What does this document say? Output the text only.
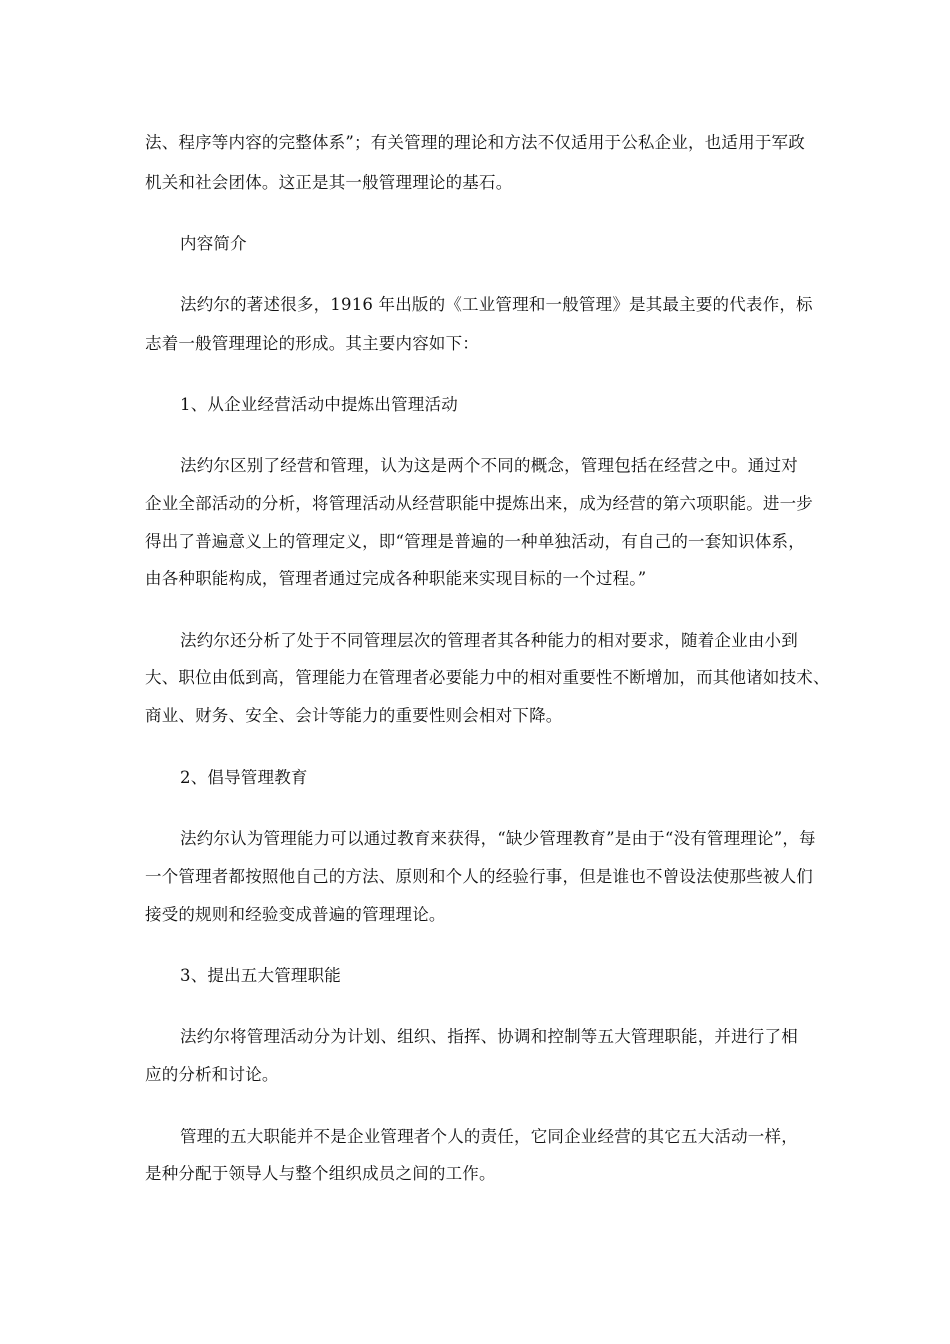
法、程序等内容的完整体系”；有关管理的理论和方法不仅适用于公私企业，也适用于军政
机关和社会团体。这正是其一般管理理论的基石。
内容简介
法约尔的著述很多，1916 年出版的《工业管理和一般管理》是其最主要的代表作，标
志着一般管理理论的形成。其主要内容如下：
1、从企业经营活动中提炼出管理活动
法约尔区别了经营和管理，认为这是两个不同的概念，管理包括在经营之中。通过对
企业全部活动的分析，将管理活动从经营职能中提炼出来，成为经营的第六项职能。进一步
得出了普遍意义上的管理定义，即“管理是普遍的一种单独活动，有自己的一套知识体系，
由各种职能构成，管理者通过完成各种职能来实现目标的一个过程。”
法约尔还分析了处于不同管理层次的管理者其各种能力的相对要求，随着企业由小到
大、职位由低到高，管理能力在管理者必要能力中的相对重要性不断增加，而其他诸如技术、
商业、财务、安全、会计等能力的重要性则会相对下降。
2、倡导管理教育
法约尔认为管理能力可以通过教育来获得，“缺少管理教育”是由于“没有管理理论”，每
一个管理者都按照他自己的方法、原则和个人的经验行事，但是谁也不曾设法使那些被人们
接受的规则和经验变成普遍的管理理论。
3、提出五大管理职能
法约尔将管理活动分为计划、组织、指挥、协调和控制等五大管理职能，并进行了相
应的分析和讨论。
管理的五大职能并不是企业管理者个人的责任，它同企业经营的其它五大活动一样，
是种分配于领导人与整个组织成员之间的工作。
